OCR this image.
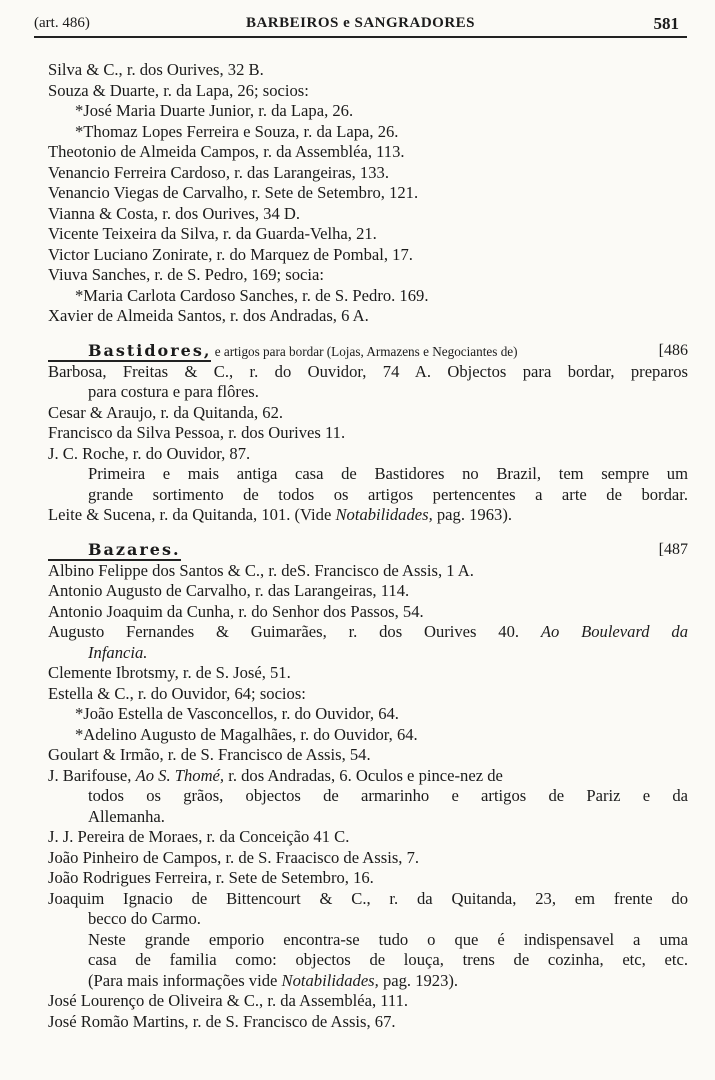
(art. 486)	BARBEIROS e SANGRADORES	581
Silva & C., r. dos Ourives, 32 B.
Souza & Duarte, r. da Lapa, 26; socios:
*José Maria Duarte Junior, r. da Lapa, 26.
*Thomaz Lopes Ferreira e Souza, r. da Lapa, 26.
Theotonio de Almeida Campos, r. da Assembléa, 113.
Venancio Ferreira Cardoso, r. das Larangeiras, 133.
Venancio Viegas de Carvalho, r. Sete de Setembro, 121.
Vianna & Costa, r. dos Ourives, 34 D.
Vicente Teixeira da Silva, r. da Guarda-Velha, 21.
Victor Luciano Zonirate, r. do Marquez de Pombal, 17.
Viuva Sanches, r. de S. Pedro, 169; socia:
*Maria Carlota Cardoso Sanches, r. de S. Pedro. 169.
Xavier de Almeida Santos, r. dos Andradas, 6 A.
Bastidores, e artigos para bordar (Lojas, Armazens e Negociantes de)	[486
Barbosa, Freitas & C., r. do Ouvidor, 74 A. Objectos para bordar, preparos
para costura e para flôres.
Cesar & Araujo, r. da Quitanda, 62.
Francisco da Silva Pessoa, r. dos Ourives 11.
J. C. Roche, r. do Ouvidor, 87.
Primeira e mais antiga casa de Bastidores no Brazil, tem sempre um
grande sortimento de todos os artigos pertencentes a arte de bordar.
Leite & Sucena, r. da Quitanda, 101. (Vide Notabilidades, pag. 1963).
Bazares.	[487
Albino Felippe dos Santos & C., r. deS. Francisco de Assis, 1 A.
Antonio Augusto de Carvalho, r. das Larangeiras, 114.
Antonio Joaquim da Cunha, r. do Senhor dos Passos, 54.
Augusto Fernandes & Guimarães, r. dos Ourives 40. Ao Boulevard da
Infancia.
Clemente Ibrotsmy, r. de S. José, 51.
Estella & C., r. do Ouvidor, 64; socios:
*João Estella de Vasconcellos, r. do Ouvidor, 64.
*Adelino Augusto de Magalhães, r. do Ouvidor, 64.
Goulart & Irmão, r. de S. Francisco de Assis, 54.
J. Barifouse, Ao S. Thomé, r. dos Andradas, 6. Oculos e pince-nez de
todos os grãos, objectos de armarinho e artigos de Pariz e da
Allemanha.
J. J. Pereira de Moraes, r. da Conceição 41 C.
João Pinheiro de Campos, r. de S. Fraacisco de Assis, 7.
João Rodrigues Ferreira, r. Sete de Setembro, 16.
Joaquim Ignacio de Bittencourt & C., r. da Quitanda, 23, em frente do
becco do Carmo.
Neste grande emporio encontra-se tudo o que é indispensavel a uma
casa de familia como: objectos de louça, trens de cozinha, etc, etc.
(Para mais informações vide Notabilidades, pag. 1923).
José Lourenço de Oliveira & C., r. da Assembléa, 111.
José Romão Martins, r. de S. Francisco de Assis, 67.
